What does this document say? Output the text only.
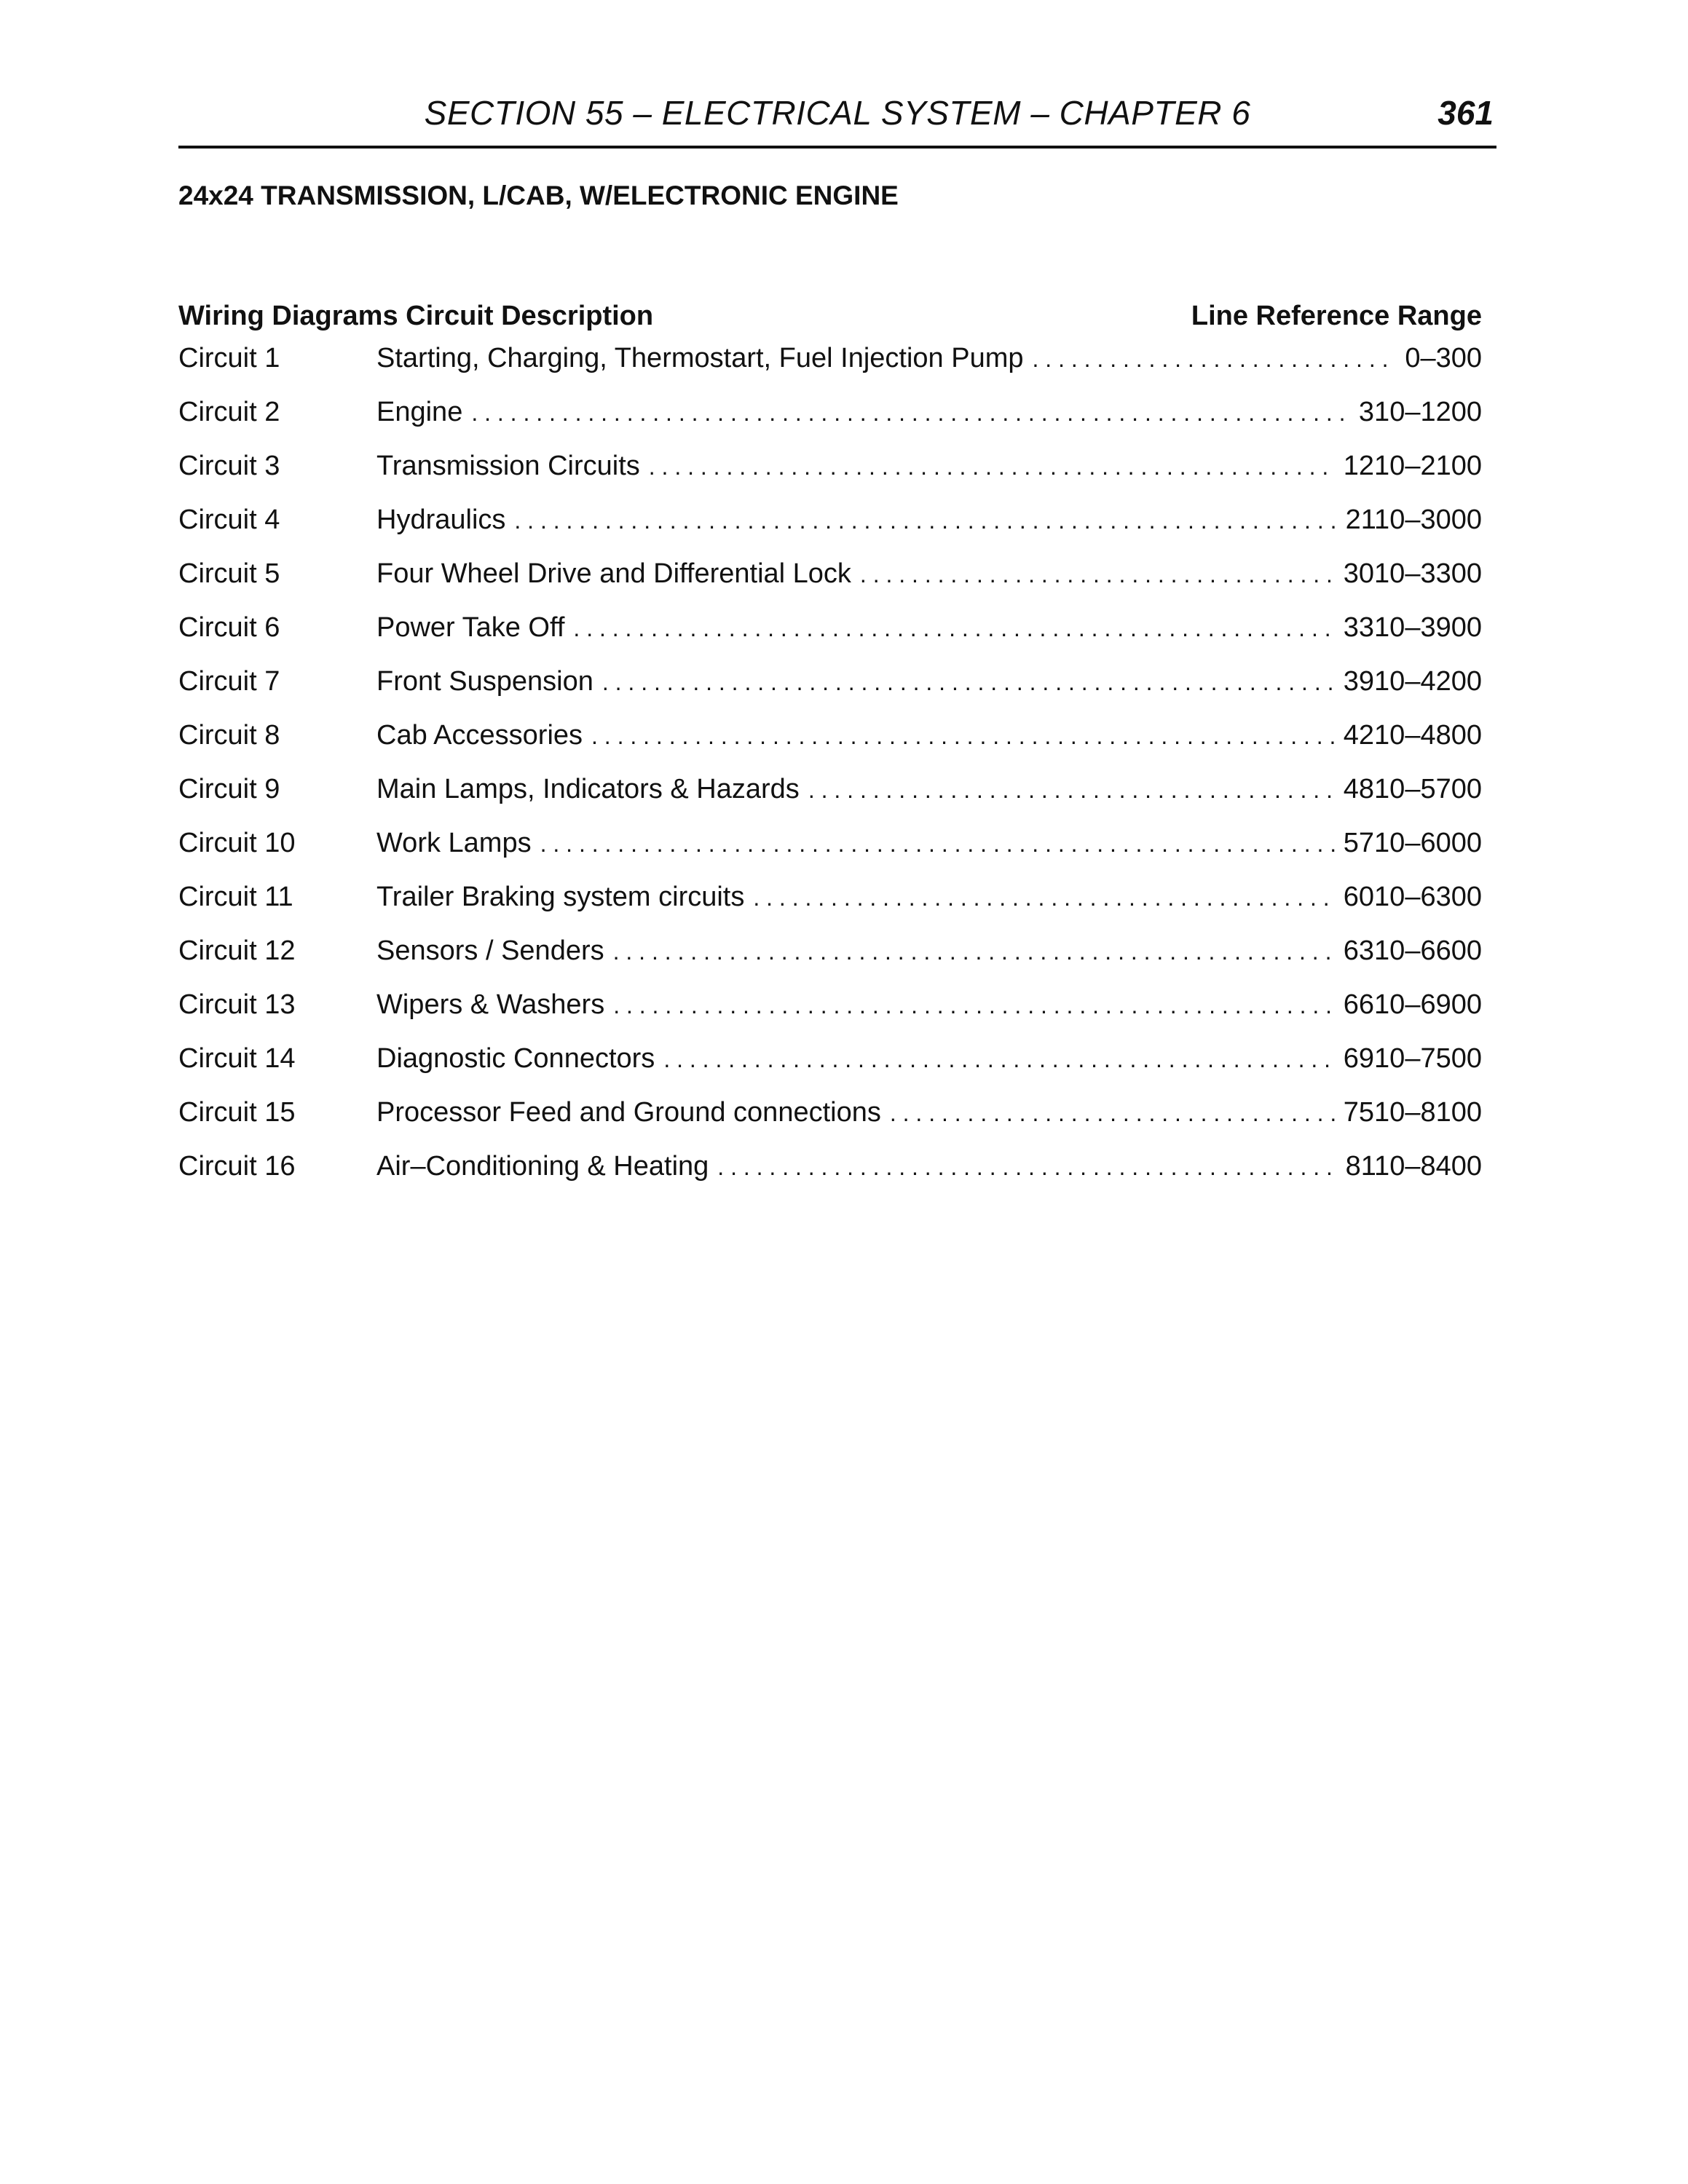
SECTION 55 – ELECTRICAL SYSTEM – CHAPTER 6	361
24x24 TRANSMISSION, L/CAB, W/ELECTRONIC ENGINE
Wiring Diagrams Circuit Description	Line Reference Range
Circuit 1	Starting, Charging, Thermostart, Fuel Injection Pump . . .	0–300
Circuit 2	Engine . . .	310–1200
Circuit 3	Transmission Circuits . . .	1210–2100
Circuit 4	Hydraulics . . .	2110–3000
Circuit 5	Four Wheel Drive and Differential Lock . . .	3010–3300
Circuit 6	Power Take Off . . .	3310–3900
Circuit 7	Front Suspension . . .	3910–4200
Circuit 8	Cab Accessories . . .	4210–4800
Circuit 9	Main Lamps, Indicators & Hazards . . .	4810–5700
Circuit 10	Work Lamps . . .	5710–6000
Circuit 11	Trailer Braking system circuits . . .	6010–6300
Circuit 12	Sensors / Senders . . .	6310–6600
Circuit 13	Wipers & Washers . . .	6610–6900
Circuit 14	Diagnostic Connectors . . .	6910–7500
Circuit 15	Processor Feed and Ground connections . . .	7510–8100
Circuit 16	Air–Conditioning & Heating . . .	8110–8400
